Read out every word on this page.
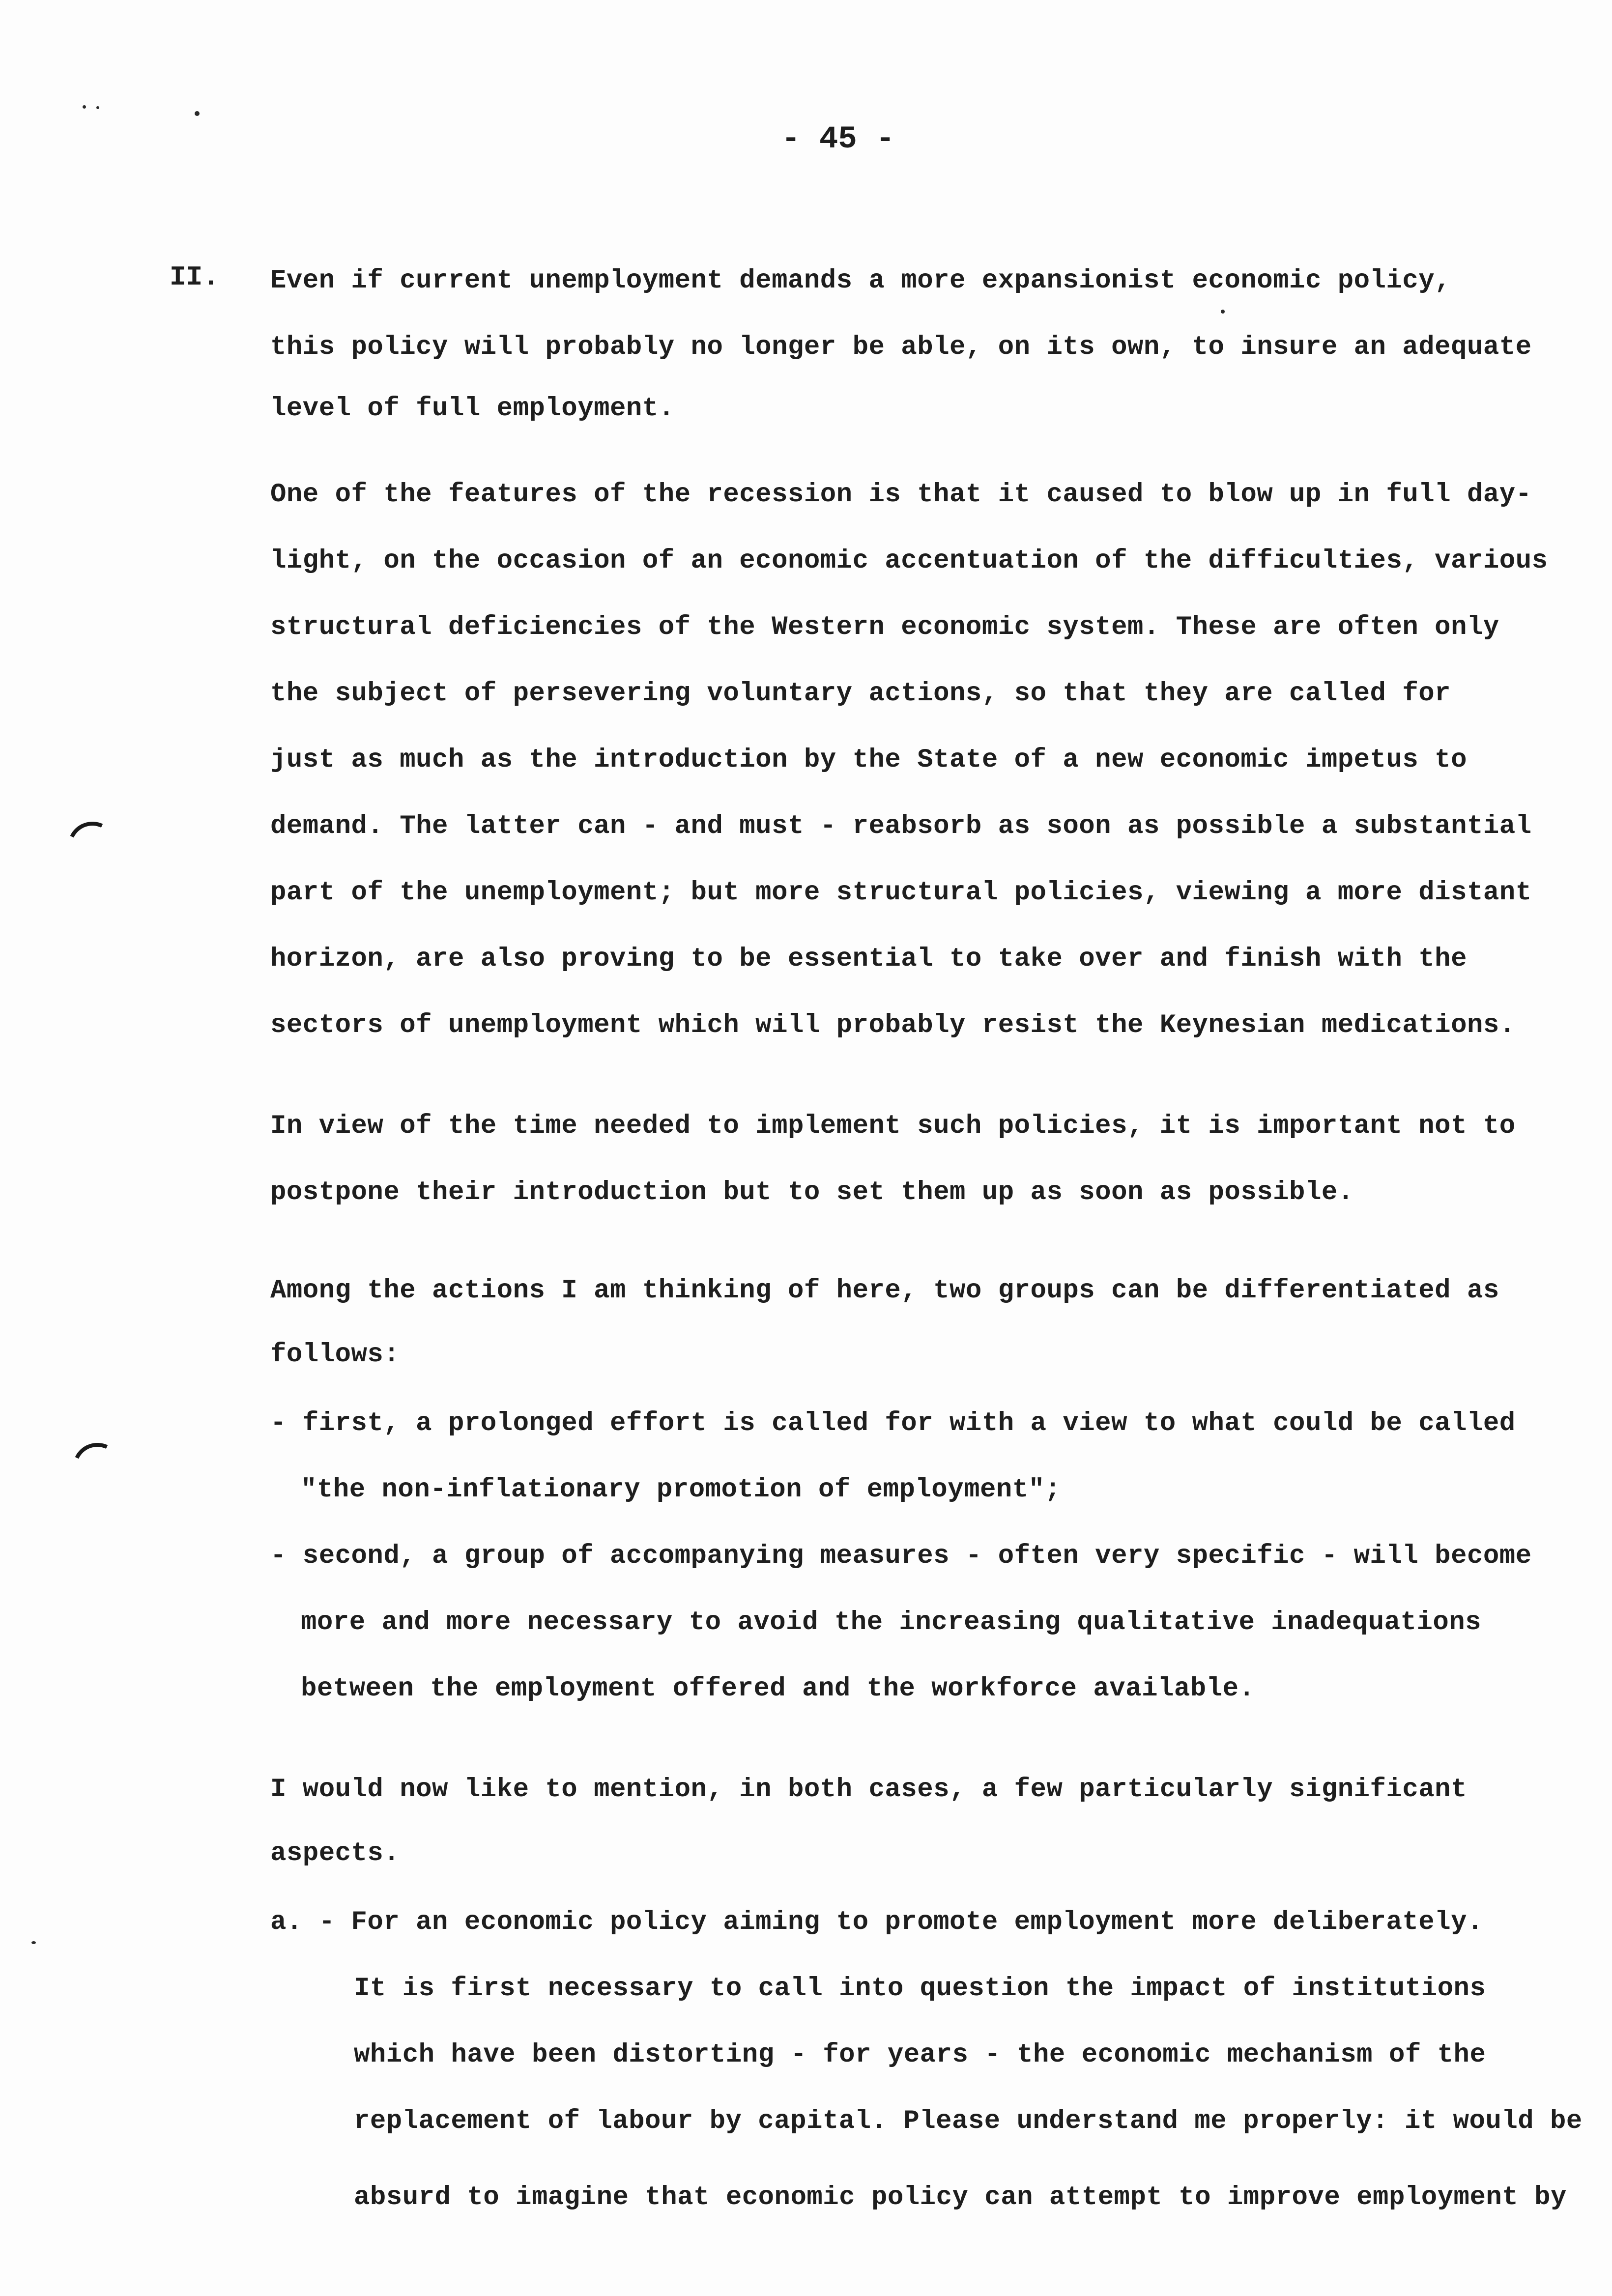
- 45 -
II. Even if current unemployment demands a more expansionist economic policy,
this policy will probably no longer be able, on its own, to insure an adequate
level of full employment.
One of the features of the recession is that it caused to blow up in full day-
light, on the occasion of an economic accentuation of the difficulties, various
structural deficiencies of the Western economic system. These are often only
the subject of persevering voluntary actions, so that they are called for
just as much as the introduction by the State of a new economic impetus to
demand. The latter can - and must - reabsorb as soon as possible a substantial
part of the unemployment; but more structural policies, viewing a more distant
horizon, are also proving to be essential to take over and finish with the
sectors of unemployment which will probably resist the Keynesian medications.
In view of the time needed to implement such policies, it is important not to
postpone their introduction but to set them up as soon as possible.
Among the actions I am thinking of here, two groups can be differentiated as
follows:
- first, a prolonged effort is called for with a view to what could be called
"the non-inflationary promotion of employment";
- second, a group of accompanying measures - often very specific - will become
more and more necessary to avoid the increasing qualitative inadequations
between the employment offered and the workforce available.
I would now like to mention, in both cases, a few particularly significant
aspects.
a. - For an economic policy aiming to promote employment more deliberately.
It is first necessary to call into question the impact of institutions
which have been distorting - for years - the economic mechanism of the
replacement of labour by capital. Please understand me properly: it would be
absurd to imagine that economic policy can attempt to improve employment by
